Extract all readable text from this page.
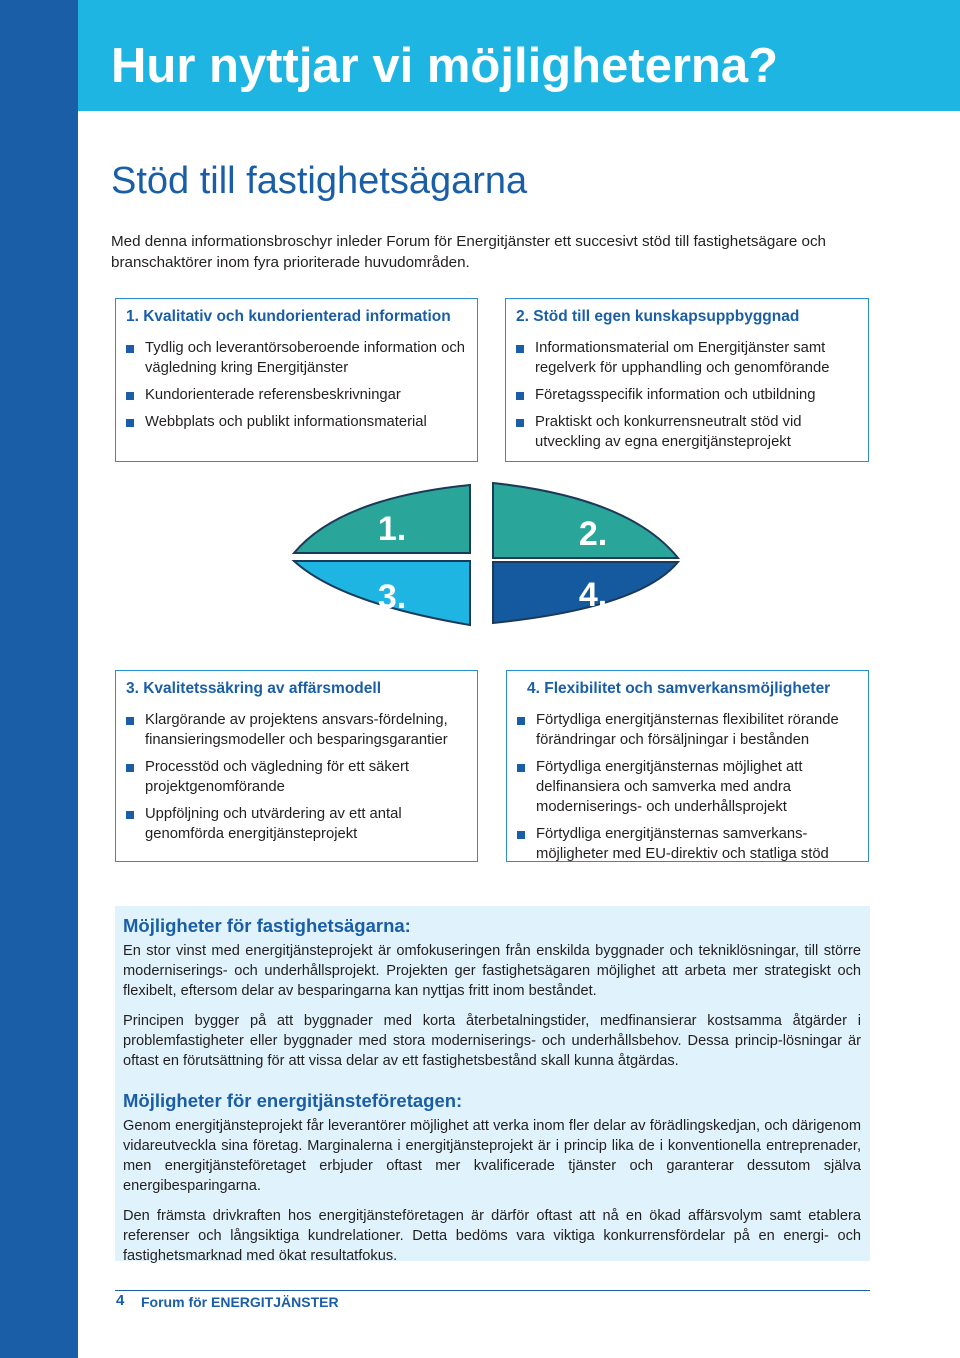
Hur nyttjar vi möjligheterna?
Stöd till fastighetsägarna

Med denna informationsbroschyr inleder Forum för Energitjänster ett succesivt stöd till fastighetsägare och branschaktörer inom fyra prioriterade huvudområden.

1. Kvalitativ och kundorienterad information
Tydlig och leverantörsoberoende information och vägledning kring Energitjänster
Kundorienterade referensbeskrivningar
Webbplats och publikt informationsmaterial
2. Stöd till egen kunskapsuppbyggnad
Informationsmaterial om Energitjänster samt regelverk för upphandling och genomförande
Företagsspecifik information och utbildning
Praktiskt och konkurrensneutralt stöd vid utveckling av egna energitjänsteprojekt
1.	2.
3.	4.
3. Kvalitetssäkring av affärsmodell
Klargörande av projektens ansvars-fördelning, finansieringsmodeller och besparingsgarantier
Processtöd och vägledning för ett säkert projektgenomförande
Uppföljning och utvärdering av ett antal genomförda energitjänsteprojekt
4. Flexibilitet och samverkansmöjligheter
Förtydliga energitjänsternas flexibilitet rörande förändringar och försäljningar i bestånden
Förtydliga energitjänsternas möjlighet att delfinansiera och samverka med andra moderniserings- och underhållsprojekt
Förtydliga energitjänsternas samverkans-möjligheter med EU-direktiv och statliga stöd
Möjligheter för fastighetsägarna:

En stor vinst med energitjänsteprojekt är omfokuseringen från enskilda byggnader och tekniklösningar, till större moderniserings- och underhållsprojekt. Projekten ger fastighetsägaren möjlighet att arbeta mer strategiskt och flexibelt, eftersom delar av besparingarna kan nyttjas fritt inom beståndet.

Principen bygger på att byggnader med korta återbetalningstider, medfinansierar kostsamma åtgärder i problemfastigheter eller byggnader med stora moderniserings- och underhållsbehov. Dessa princip-lösningar är oftast en förutsättning för att vissa delar av ett fastighetsbestånd skall kunna åtgärdas.

Möjligheter för energitjänsteföretagen:

Genom energitjänsteprojekt får leverantörer möjlighet att verka inom fler delar av förädlingskedjan, och därigenom vidareutveckla sina företag. Marginalerna i energitjänsteprojekt är i princip lika de i konventionella entreprenader, men energitjänsteföretaget erbjuder oftast mer kvalificerade tjänster och garanterar dessutom själva energibesparingarna.

Den främsta drivkraften hos energitjänsteföretagen är därför oftast att nå en ökad affärsvolym samt etablera referenser och långsiktiga kundrelationer. Detta bedöms vara viktiga konkurrensfördelar på en energi- och fastighetsmarknad med ökat resultatfokus.

4 Forum för ENERGITJÄNSTER
